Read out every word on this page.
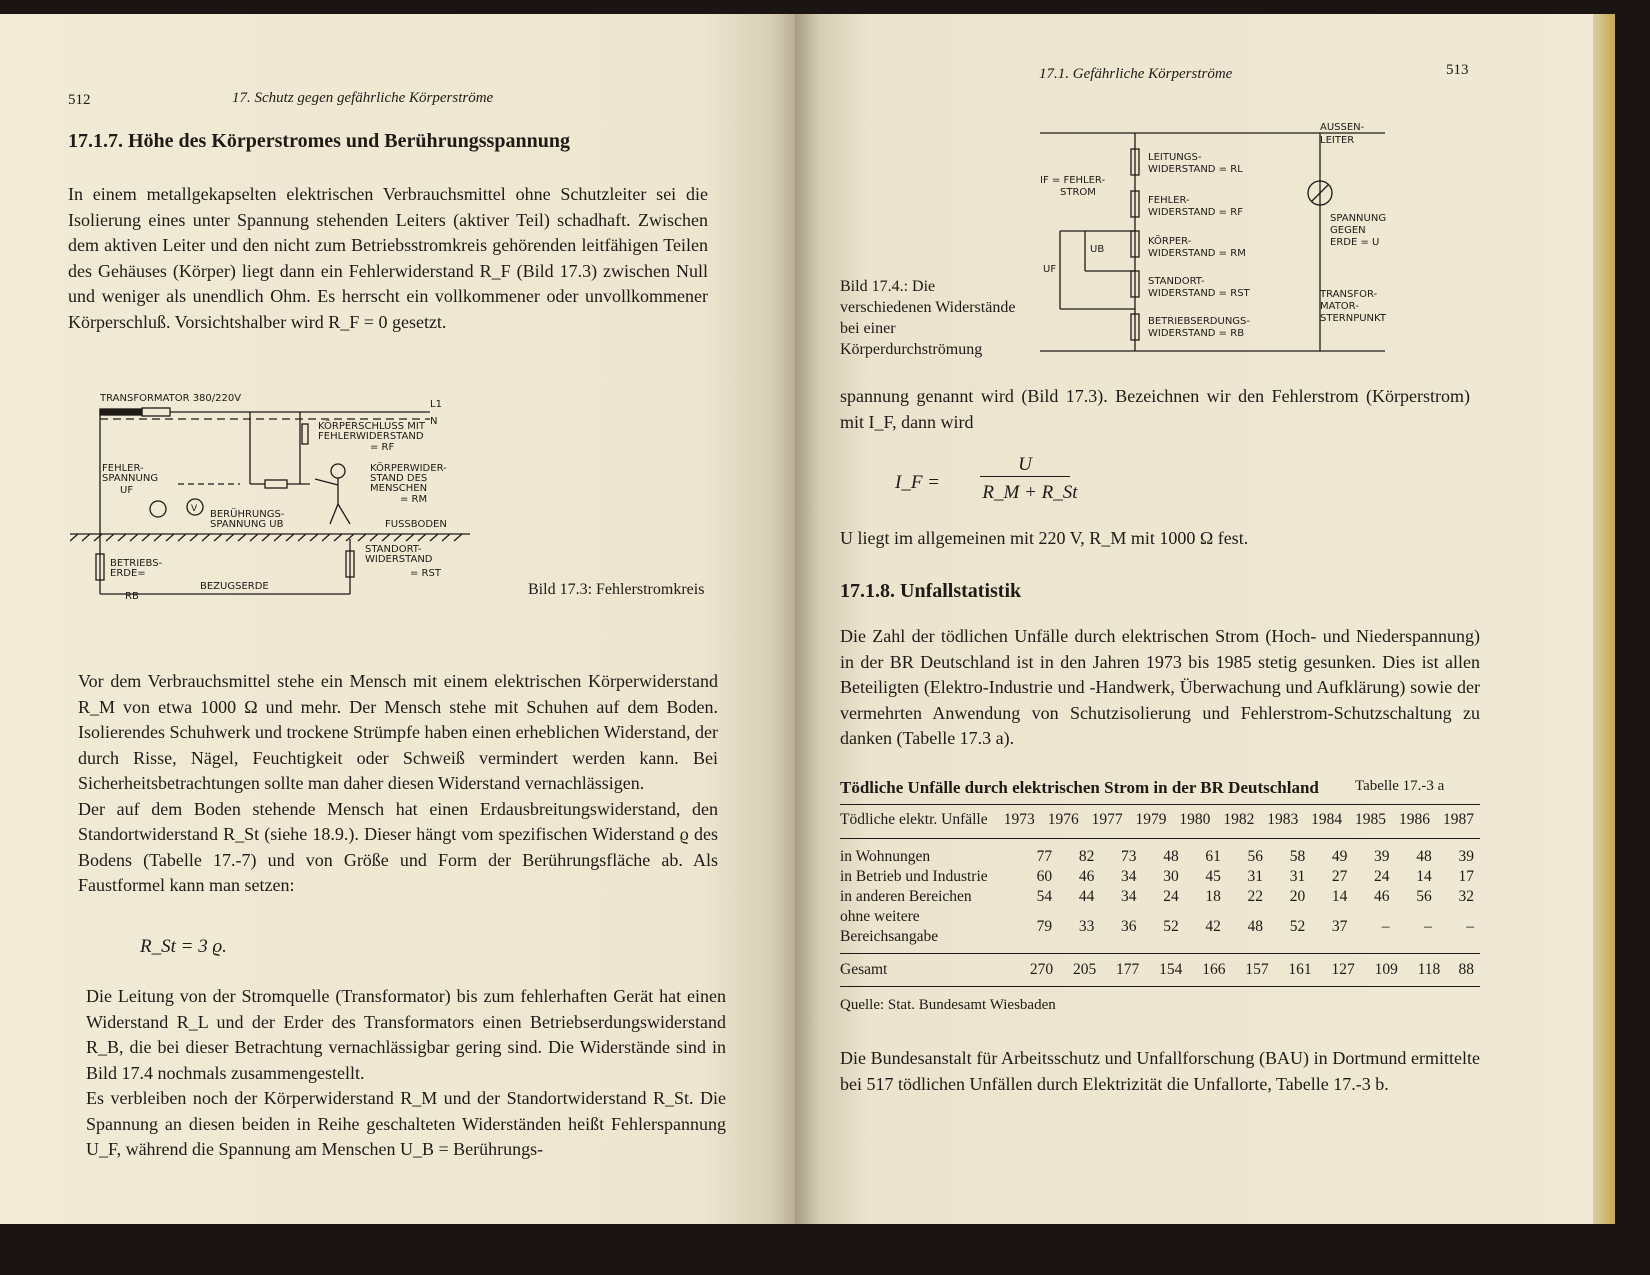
512	17. Schutz gegen gefährliche Körperströme
17.1.7. Höhe des Körperstromes und Berührungsspannung

In einem metallgekapselten elektrischen Verbrauchsmittel ohne Schutzleiter sei die Isolierung eines unter Spannung stehenden Leiters (aktiver Teil) schadhaft. Zwischen dem aktiven Leiter und den nicht zum Betriebsstromkreis gehörenden leitfähigen Teilen des Gehäuses (Körper) liegt dann ein Fehlerwiderstand R_F (Bild 17.3) zwischen Null und weniger als unendlich Ohm. Es herrscht ein vollkommener oder unvollkommener Körperschluß. Vorsichtshalber wird R_F = 0 gesetzt.

TRANSFORMATOR 380/220V
L1
N
KÖRPERSCHLUSS MIT
FEHLERWIDERSTAND
= RF
KÖRPERWIDER-
STAND DES
MENSCHEN
= RM
FEHLER-
SPANNUNG
UF
V BERÜHRUNGS-
SPANNUNG UB	FUSSBODEN
BETRIEBS-
ERDE=
RB
BEZUGSERDE
STANDORT-
WIDERSTAND
= RST
Bild 17.3: Fehlerstromkreis

Vor dem Verbrauchsmittel stehe ein Mensch mit einem elektrischen Körperwiderstand R_M von etwa 1000 Ω und mehr. Der Mensch stehe mit Schuhen auf dem Boden. Isolierendes Schuhwerk und trockene Strümpfe haben einen erheblichen Widerstand, der durch Risse, Nägel, Feuchtigkeit oder Schweiß vermindert werden kann. Bei Sicherheitsbetrachtungen sollte man daher diesen Widerstand vernachlässigen.

Der auf dem Boden stehende Mensch hat einen Erdausbreitungswiderstand, den Standortwiderstand R_St (siehe 18.9.). Dieser hängt vom spezifischen Widerstand ϱ des Bodens (Tabelle 17.-7) und von Größe und Form der Berührungsfläche ab. Als Faustformel kann man setzen:

R_St = 3 ϱ.

Die Leitung von der Stromquelle (Transformator) bis zum fehlerhaften Gerät hat einen Widerstand R_L und der Erder des Transformators einen Betriebserdungswiderstand R_B, die bei dieser Betrachtung vernachlässigbar gering sind. Die Widerstände sind in Bild 17.4 nochmals zusammengestellt.

Es verbleiben noch der Körperwiderstand R_M und der Standortwiderstand R_St. Die Spannung an diesen beiden in Reihe geschalteten Widerständen heißt Fehlerspannung U_F, während die Spannung am Menschen U_B = Berührungs-

17.1. Gefährliche Körperströme	513
AUSSEN-
LEITER
LEITUNGS-
WIDERSTAND = RL
IF = FEHLER-
STROM
FEHLER-
WIDERSTAND = RF
KÖRPER-
WIDERSTAND = RM
UB
UF
STANDORT-
WIDERSTAND = RST
BETRIEBSERDUNGS-
WIDERSTAND = RB
SPANNUNG
GEGEN
ERDE = U
TRANSFOR-
MATOR-
STERNPUNKT
Bild 17.4.: Die verschiedenen Widerstände bei einer Körperdurchströmung
spannung genannt wird (Bild 17.3). Bezeichnen wir den Fehlerstrom (Körperstrom) mit I_F, dann wird
I_F =
U
R_M + R_St
U liegt im allgemeinen mit 220 V, R_M mit 1000 Ω fest.
17.1.8. Unfallstatistik
Die Zahl der tödlichen Unfälle durch elektrischen Strom (Hoch- und Niederspannung) in der BR Deutschland ist in den Jahren 1973 bis 1985 stetig gesunken. Dies ist allen Beteiligten (Elektro-Industrie und -Handwerk, Überwachung und Aufklärung) sowie der vermehrten Anwendung von Schutzisolierung und Fehlerstrom-Schutzschaltung zu danken (Tabelle 17.3 a).
Tödliche Unfälle durch elektrischen Strom in der BR Deutschland Tabelle 17.-3 a
Tödliche elektr. Unfälle	1973	1976	1977	1979	1980	1982	1983	1984	1985	1986	1987
in Wohnungen	77	82	73	48	61	56	58	49	39	48	39
in Betrieb und Industrie	60	46	34	30	45	31	31	27	24	14	17
in anderen Bereichen	54	44	34	24	18	22	20	14	46	56	32
ohne weitere Bereichsangabe	79	33	36	52	42	48	52	37	–	–	–
Gesamt	270	205	177	154	166	157	161	127	109	118	88
Quelle: Stat. Bundesamt Wiesbaden
Die Bundesanstalt für Arbeitsschutz und Unfallforschung (BAU) in Dortmund ermittelte bei 517 tödlichen Unfällen durch Elektrizität die Unfallorte, Tabelle 17.-3 b.
